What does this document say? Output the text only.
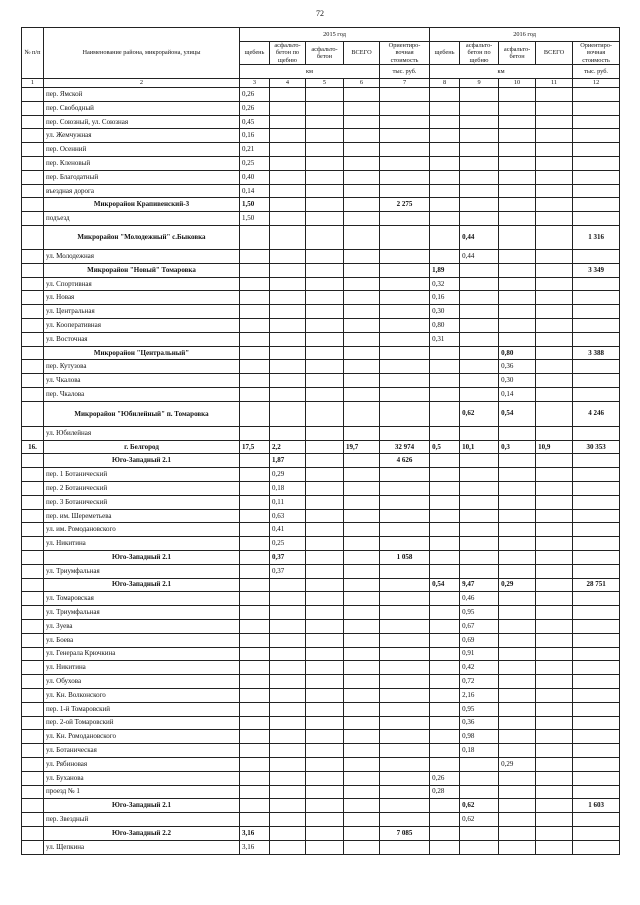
72
№ п/п	Наименование района, микрорайона, улицы	2015 год					2016 год				
		щебень	асфальто-бетон по щебню	асфальто-бетон	ВСЕГО	Ориентиро-вочная стоимость	щебень	асфальто-бетон по щебню	асфальто-бетон	ВСЕГО	Ориентиро-вочная стоимость
		км				тыс. руб.	км				тыс. руб.
1	2	3	4	5	6	7	8	9	10	11	12
	пер. Ямской	0,26									
	пер. Свободный	0,26									
	пер. Союзный, ул. Союзная	0,45									
	ул. Жемчужная	0,16									
	пер. Осенний	0,21									
	пер. Кленовый	0,25									
	пер. Благодатный	0,40									
	въездная дорога	0,14									
	Микрорайон Крапивенский-3	1,50				2 275					
	подъезд	1,50									
	Микрорайон "Молодежный" с.Быковка							0,44			1 316
	ул. Молодежная							0,44			
	Микрорайон "Новый" Томаровка						1,89				3 349
	ул. Спортивная						0,32				
	ул. Новая						0,16				
	ул. Центральная						0,30				
	ул. Кооперативная						0,80				
	ул. Восточная						0,31				
	Микрорайон "Центральный"								0,80		3 388
	пер. Кутузова								0,36		
	ул. Чкалова								0,30		
	пер. Чкалова								0,14		
	Микрорайон "Юбилейный" п. Томаровка							0,62	0,54		4 246
	ул. Юбилейная										
16.	г. Белгород	17,5	2,2		19,7	32 974	0,5	10,1	0,3	10,9	30 353
	Юго-Западный 2.1		1,87			4 626					
	пер. 1 Ботанический		0,29								
	пер. 2 Ботанический		0,18								
	пер. 3 Ботанический		0,11								
	пер. им. Шереметьева		0,63								
	ул. им. Ромодановского		0,41								
	ул. Никитина		0,25								
	Юго-Западный 2.1		0,37			1 058					
	ул. Триумфальная		0,37								
	Юго-Западный 2.1						0,54	9,47	0,29		28 751
	ул. Томаровская							0,46			
	ул. Триумфальная							0,95			
	ул. Зуева							0,67			
	ул. Боева							0,69			
	ул. Генерала Крючкина							0,91			
	ул. Никитина							0,42			
	ул. Обухова							0,72			
	ул. Кн. Волконского							2,16			
	пер. 1-й Томаровский							0,95			
	пер. 2-ой Томаровский							0,36			
	ул. Кн. Ромодановского							0,98			
	ул. Ботаническая							0,18			
	ул. Рябиновая								0,29		
	ул. Буханова						0,26				
	проезд № 1						0,28				
	Юго-Западный 2.1							0,62			1 603
	пер. Звездный							0,62			
	Юго-Западный 2.2	3,16				7 085					
	ул. Щепкина	3,16									
